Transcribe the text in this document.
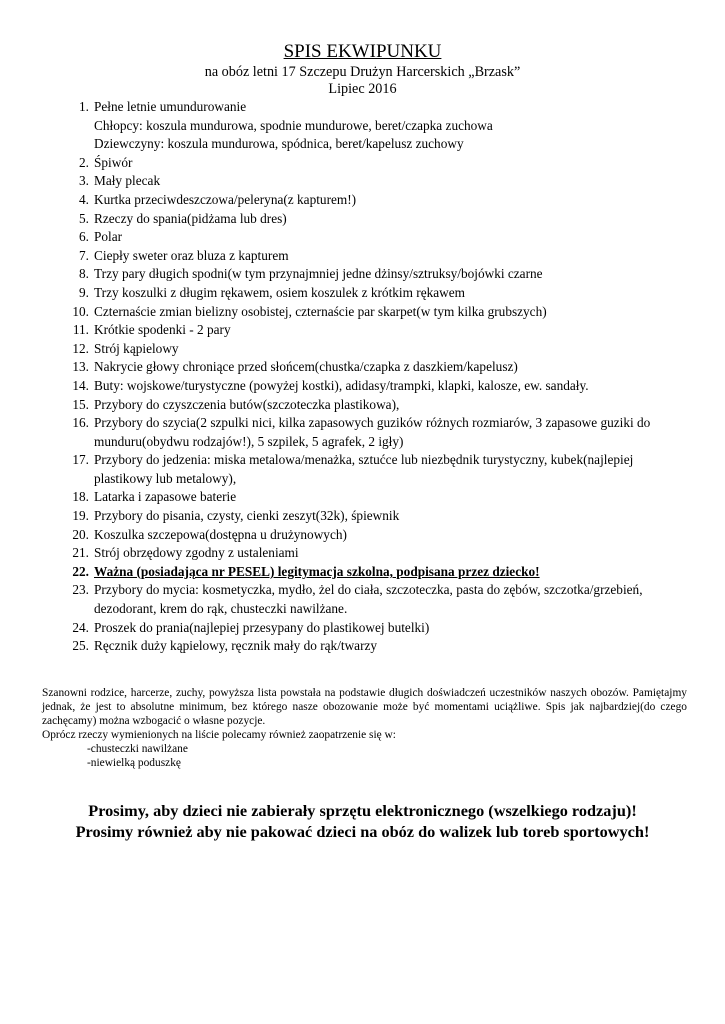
SPIS EKWIPUNKU

na obóz letni 17 Szczepu Drużyn Harcerskich „Brzask”

Lipiec 2016

1. Pełne letnie umundurowanie
Chłopcy: koszula mundurowa, spodnie mundurowe, beret/czapka zuchowa
Dziewczyny: koszula mundurowa, spódnica, beret/kapelusz zuchowy
2. Śpiwór
3. Mały plecak
4. Kurtka przeciwdeszczowa/peleryna(z kapturem!)
5. Rzeczy do spania(pidżama lub dres)
6. Polar
7. Ciepły sweter oraz bluza z kapturem
8. Trzy pary długich spodni(w tym przynajmniej jedne dżinsy/sztruksy/bojówki czarne
9. Trzy koszulki z długim rękawem, osiem koszulek z krótkim rękawem
10. Czternaście zmian bielizny osobistej, czternaście par skarpet(w tym kilka grubszych)
11. Krótkie spodenki - 2 pary
12. Strój kąpielowy
13. Nakrycie głowy chroniące przed słońcem(chustka/czapka z daszkiem/kapelusz)
14. Buty: wojskowe/turystyczne (powyżej kostki), adidasy/trampki, klapki, kalosze, ew. sandały.
15. Przybory do czyszczenia butów(szczoteczka plastikowa),
16. Przybory do szycia(2 szpulki nici, kilka zapasowych guzików różnych rozmiarów, 3 zapasowe guziki do
munduru(obydwu rodzajów!), 5 szpilek, 5 agrafek, 2 igły)
17. Przybory do jedzenia: miska metalowa/menażka, sztućce lub niezbędnik turystyczny, kubek(najlepiej
plastikowy lub metalowy),
18. Latarka i zapasowe baterie
19. Przybory do pisania, czysty, cienki zeszyt(32k), śpiewnik
20. Koszulka szczepowa(dostępna u drużynowych)
21. Strój obrzędowy zgodny z ustaleniami
22. Ważna (posiadająca nr PESEL) legitymacja szkolna, podpisana przez dziecko!
23. Przybory do mycia: kosmetyczka, mydło, żel do ciała, szczoteczka, pasta do zębów, szczotka/grzebień,
dezodorant, krem do rąk, chusteczki nawilżane.
24. Proszek do prania(najlepiej przesypany do plastikowej butelki)
25. Ręcznik duży kąpielowy, ręcznik mały do rąk/twarzy

Szanowni rodzice, harcerze, zuchy, powyższa lista powstała na podstawie długich doświadczeń uczestników naszych obozów. Pamiętajmy jednak, że jest to absolutne minimum, bez którego nasze obozowanie może być momentami uciążliwe. Spis jak najbardziej(do czego zachęcamy) można wzbogacić o własne pozycje.

Oprócz rzeczy wymienionych na liście polecamy również zaopatrzenie się w:

-chusteczki nawilżane

-niewielką poduszkę

Prosimy, aby dzieci nie zabierały sprzętu elektronicznego (wszelkiego rodzaju)!

Prosimy również aby nie pakować dzieci na obóz do walizek lub toreb sportowych!
